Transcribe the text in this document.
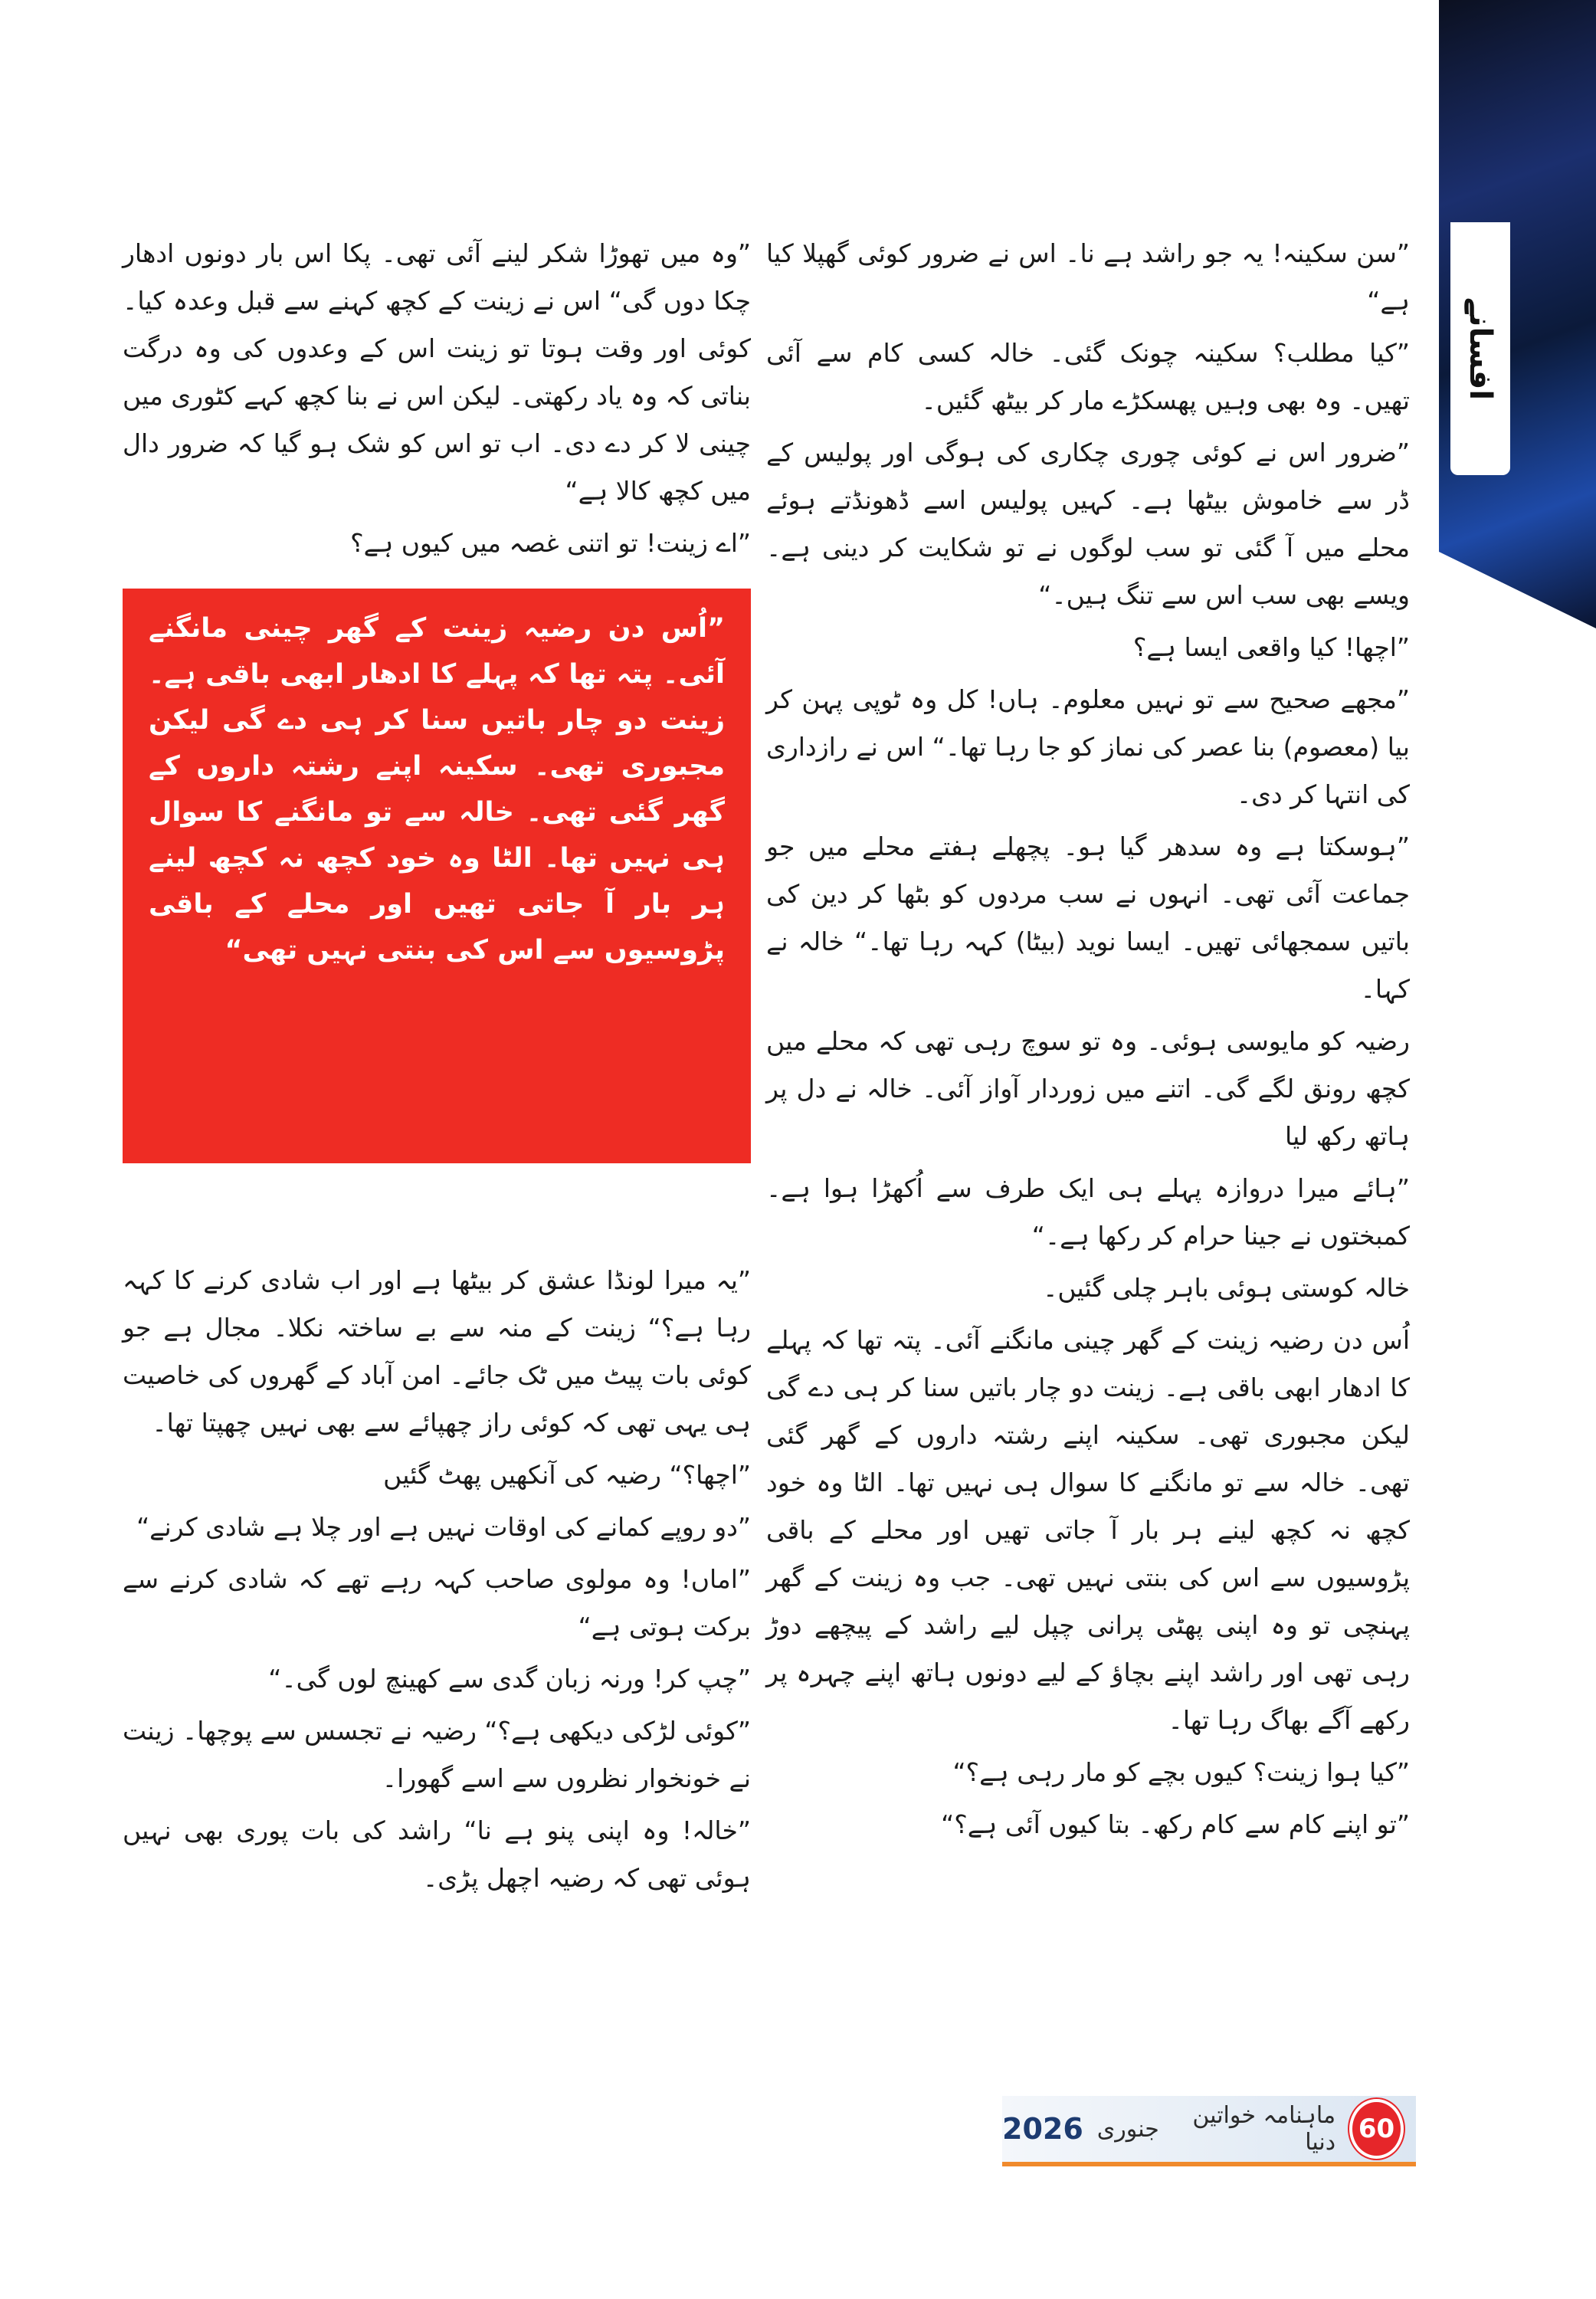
افسانے

”سن سکینہ! یہ جو راشد ہے نا۔ اس نے ضرور کوئی گھپلا کیا ہے“

”کیا مطلب؟ سکینہ چونک گئی۔ خالہ کسی کام سے آئی تھیں۔ وہ بھی وہیں پھسکڑے مار کر بیٹھ گئیں۔

”ضرور اس نے کوئی چوری چکاری کی ہوگی اور پولیس کے ڈر سے خاموش بیٹھا ہے۔ کہیں پولیس اسے ڈھونڈتے ہوئے محلے میں آ گئی تو سب لوگوں نے تو شکایت کر دینی ہے۔ ویسے بھی سب اس سے تنگ ہیں۔“

”اچھا! کیا واقعی ایسا ہے؟

”مجھے صحیح سے تو نہیں معلوم۔ ہاں! کل وہ ٹوپی پہن کر بیا (معصوم) بنا عصر کی نماز کو جا رہا تھا۔“ اس نے رازداری کی انتہا کر دی۔

”ہوسکتا ہے وہ سدھر گیا ہو۔ پچھلے ہفتے محلے میں جو جماعت آئی تھی۔ انہوں نے سب مردوں کو بٹھا کر دین کی باتیں سمجھائی تھیں۔ ایسا نوید (بیٹا) کہہ رہا تھا۔“ خالہ نے کہا۔

رضیہ کو مایوسی ہوئی۔ وہ تو سوچ رہی تھی کہ محلے میں کچھ رونق لگے گی۔ اتنے میں زوردار آواز آئی۔ خالہ نے دل پر ہاتھ رکھ لیا

”ہائے میرا دروازہ پہلے ہی ایک طرف سے اُکھڑا ہوا ہے۔ کمبختوں نے جینا حرام کر رکھا ہے۔“

خالہ کوستی ہوئی باہر چلی گئیں۔

اُس دن رضیہ زینت کے گھر چینی مانگنے آئی۔ پتہ تھا کہ پہلے کا ادھار ابھی باقی ہے۔ زینت دو چار باتیں سنا کر ہی دے گی لیکن مجبوری تھی۔ سکینہ اپنے رشتہ داروں کے گھر گئی تھی۔ خالہ سے تو مانگنے کا سوال ہی نہیں تھا۔ الٹا وہ خود کچھ نہ کچھ لینے ہر بار آ جاتی تھیں اور محلے کے باقی پڑوسیوں سے اس کی بنتی نہیں تھی۔ جب وہ زینت کے گھر پہنچی تو وہ اپنی پھٹی پرانی چپل لیے راشد کے پیچھے دوڑ رہی تھی اور راشد اپنے بچاؤ کے لیے دونوں ہاتھ اپنے چہرہ پر رکھے آگے بھاگ رہا تھا۔

”کیا ہوا زینت؟ کیوں بچے کو مار رہی ہے؟“

”تو اپنے کام سے کام رکھ۔ بتا کیوں آئی ہے؟“

”وہ میں تھوڑا شکر لینے آئی تھی۔ پکا اس بار دونوں ادھار چکا دوں گی“ اس نے زینت کے کچھ کہنے سے قبل وعدہ کیا۔ کوئی اور وقت ہوتا تو زینت اس کے وعدوں کی وہ درگت بناتی کہ وہ یاد رکھتی۔ لیکن اس نے بنا کچھ کہے کٹوری میں چینی لا کر دے دی۔ اب تو اس کو شک ہو گیا کہ ضرور دال میں کچھ کالا ہے“

”اے زینت! تو اتنی غصہ میں کیوں ہے؟

”اُس دن رضیہ زینت کے گھر چینی مانگنے آئی۔ پتہ تھا کہ پہلے کا ادھار ابھی باقی ہے۔ زینت دو چار باتیں سنا کر ہی دے گی لیکن مجبوری تھی۔ سکینہ اپنے رشتہ داروں کے گھر گئی تھی۔ خالہ سے تو مانگنے کا سوال ہی نہیں تھا۔ الٹا وہ خود کچھ نہ کچھ لینے ہر بار آ جاتی تھیں اور محلے کے باقی پڑوسیوں سے اس کی بنتی نہیں تھی“

”یہ میرا لونڈا عشق کر بیٹھا ہے اور اب شادی کرنے کا کہہ رہا ہے؟“ زینت کے منہ سے بے ساختہ نکلا۔ مجال ہے جو کوئی بات پیٹ میں ٹک جائے۔ امن آباد کے گھروں کی خاصیت ہی یہی تھی کہ کوئی راز چھپائے سے بھی نہیں چھپتا تھا۔

”اچھا؟“ رضیہ کی آنکھیں پھٹ گئیں

”دو روپے کمانے کی اوقات نہیں ہے اور چلا ہے شادی کرنے“

”اماں! وہ مولوی صاحب کہہ رہے تھے کہ شادی کرنے سے برکت ہوتی ہے“

”چپ کر! ورنہ زبان گدی سے کھینچ لوں گی۔“

”کوئی لڑکی دیکھی ہے؟“ رضیہ نے تجسس سے پوچھا۔ زینت نے خونخوار نظروں سے اسے گھورا۔

”خالہ! وہ اپنی پنو ہے نا“ راشد کی بات پوری بھی نہیں ہوئی تھی کہ رضیہ اچھل پڑی۔

60
ماہنامہ خواتین دنیا
جنوری
2026
